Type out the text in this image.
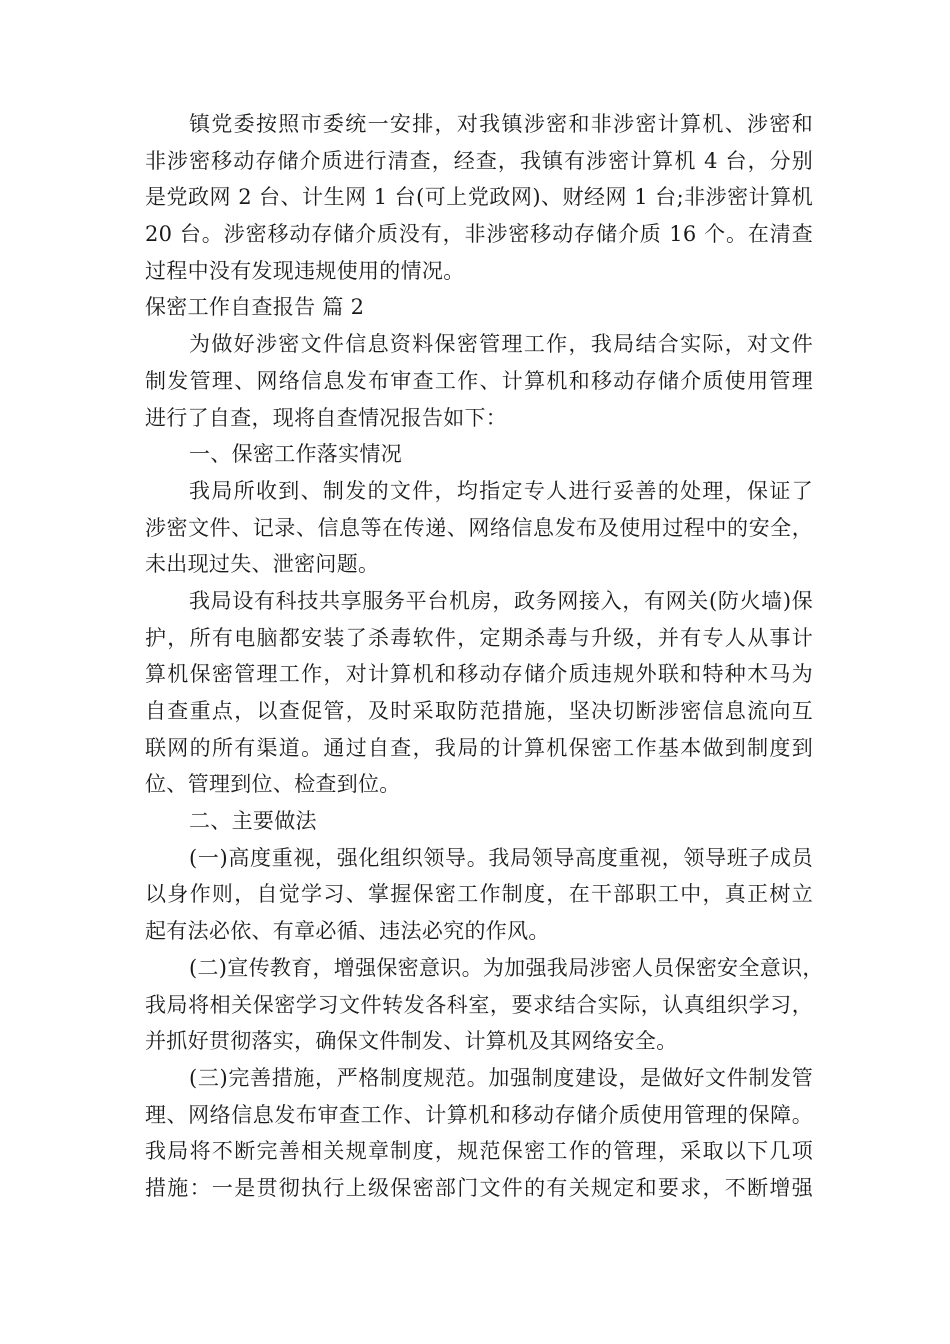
镇党委按照市委统一安排，对我镇涉密和非涉密计算机、涉密和
非涉密移动存储介质进行清查，经查，我镇有涉密计算机 4 台，分别
是党政网 2 台、计生网 1 台(可上党政网)、财经网 1 台;非涉密计算机
20 台。涉密移动存储介质没有，非涉密移动存储介质 16 个。在清查
过程中没有发现违规使用的情况。
保密工作自查报告 篇 2
为做好涉密文件信息资料保密管理工作，我局结合实际，对文件
制发管理、网络信息发布审查工作、计算机和移动存储介质使用管理
进行了自查，现将自查情况报告如下：
一、保密工作落实情况
我局所收到、制发的文件，均指定专人进行妥善的处理，保证了
涉密文件、记录、信息等在传递、网络信息发布及使用过程中的安全，
未出现过失、泄密问题。
我局设有科技共享服务平台机房，政务网接入，有网关(防火墙)保
护，所有电脑都安装了杀毒软件，定期杀毒与升级，并有专人从事计
算机保密管理工作，对计算机和移动存储介质违规外联和特种木马为
自查重点，以查促管，及时采取防范措施，坚决切断涉密信息流向互
联网的所有渠道。通过自查，我局的计算机保密工作基本做到制度到
位、管理到位、检查到位。
二、主要做法
(一)高度重视，强化组织领导。我局领导高度重视，领导班子成员
以身作则，自觉学习、掌握保密工作制度，在干部职工中，真正树立
起有法必依、有章必循、违法必究的作风。
(二)宣传教育，增强保密意识。为加强我局涉密人员保密安全意识，
我局将相关保密学习文件转发各科室，要求结合实际，认真组织学习，
并抓好贯彻落实，确保文件制发、计算机及其网络安全。
(三)完善措施，严格制度规范。加强制度建设，是做好文件制发管
理、网络信息发布审查工作、计算机和移动存储介质使用管理的保障。
我局将不断完善相关规章制度，规范保密工作的管理，采取以下几项
措施：一是贯彻执行上级保密部门文件的有关规定和要求，不断增强
